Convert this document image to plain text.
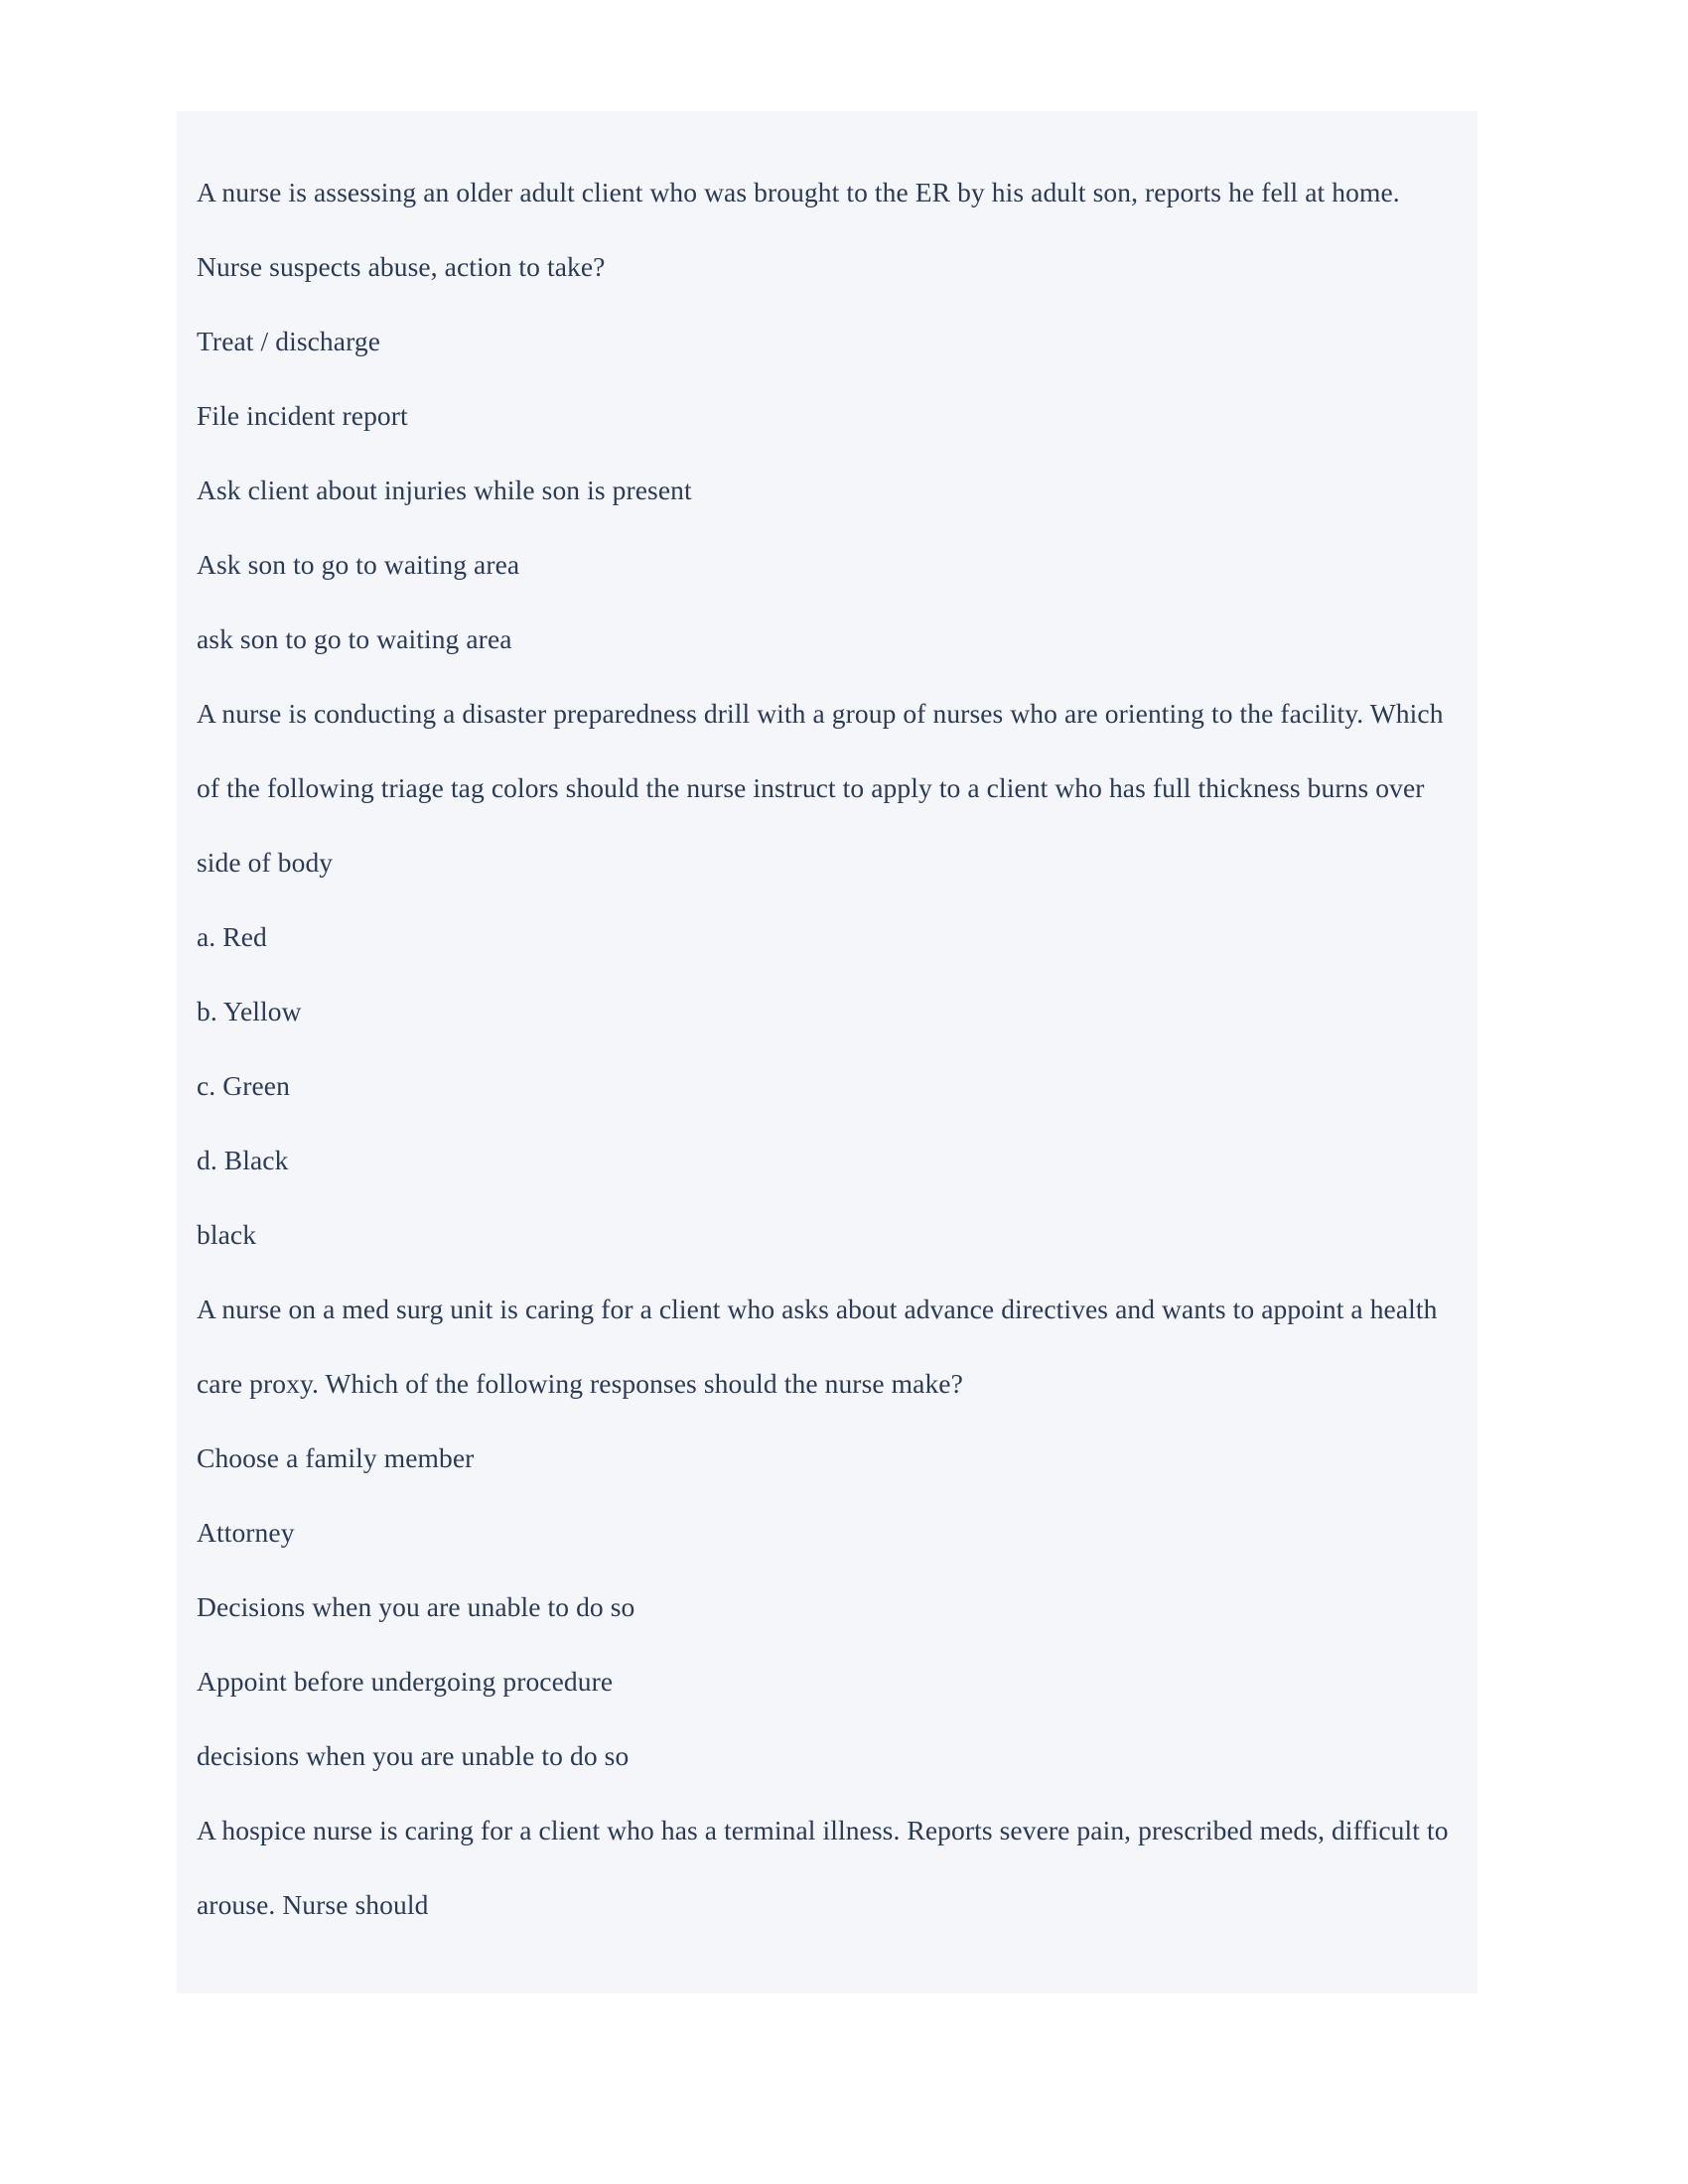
A nurse is assessing an older adult client who was brought to the ER by his adult son, reports he fell at home. Nurse suspects abuse, action to take?

Treat / discharge

File incident report

Ask client about injuries while son is present

Ask son to go to waiting area

ask son to go to waiting area

A nurse is conducting a disaster preparedness drill with a group of nurses who are orienting to the facility. Which of the following triage tag colors should the nurse instruct to apply to a client who has full thickness burns over side of body

a. Red

b. Yellow

c. Green

d. Black

black

A nurse on a med surg unit is caring for a client who asks about advance directives and wants to appoint a health care proxy. Which of the following responses should the nurse make?

Choose a family member

Attorney

Decisions when you are unable to do so

Appoint before undergoing procedure

decisions when you are unable to do so

A hospice nurse is caring for a client who has a terminal illness. Reports severe pain, prescribed meds, difficult to arouse. Nurse should
